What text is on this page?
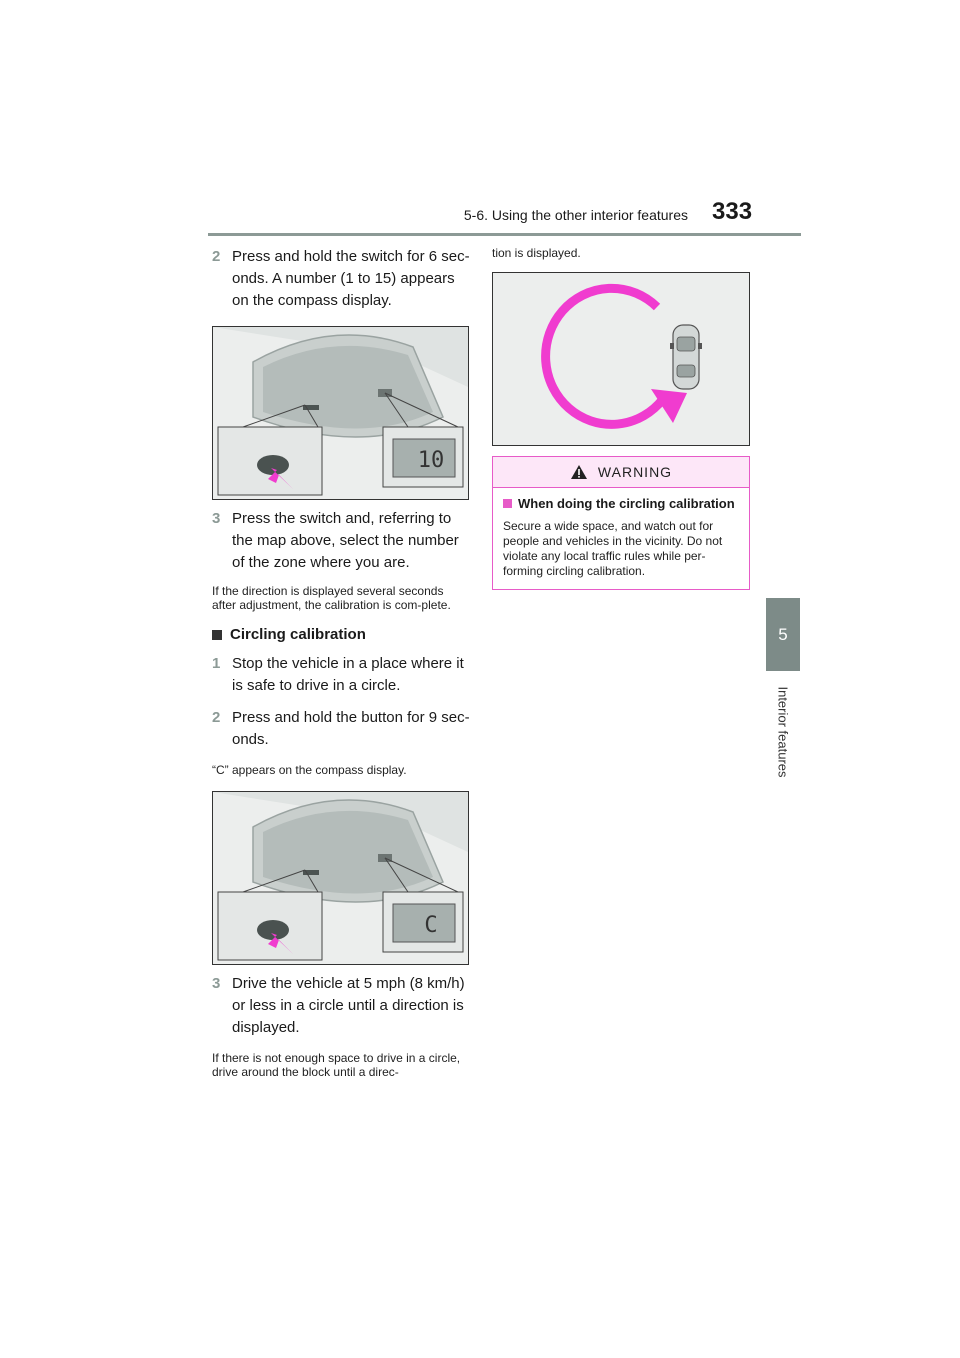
5-6. Using the other interior features 333
5
Interior features
2 Press and hold the switch for 6 sec-onds. A number (1 to 15) appears on the compass display.
10
3 Press the switch and, referring to the map above, select the number of the zone where you are.
If the direction is displayed several seconds after adjustment, the calibration is com-plete.
Circling calibration
1 Stop the vehicle in a place where it is safe to drive in a circle.
2 Press and hold the button for 9 sec-onds.
“C” appears on the compass display.
C
3 Drive the vehicle at 5 mph (8 km/h) or less in a circle until a direction is displayed.
If there is not enough space to drive in a circle, drive around the block until a direc-
tion is displayed.
WARNING
When doing the circling calibration
Secure a wide space, and watch out for people and vehicles in the vicinity. Do not violate any local traffic rules while per-forming circling calibration.
